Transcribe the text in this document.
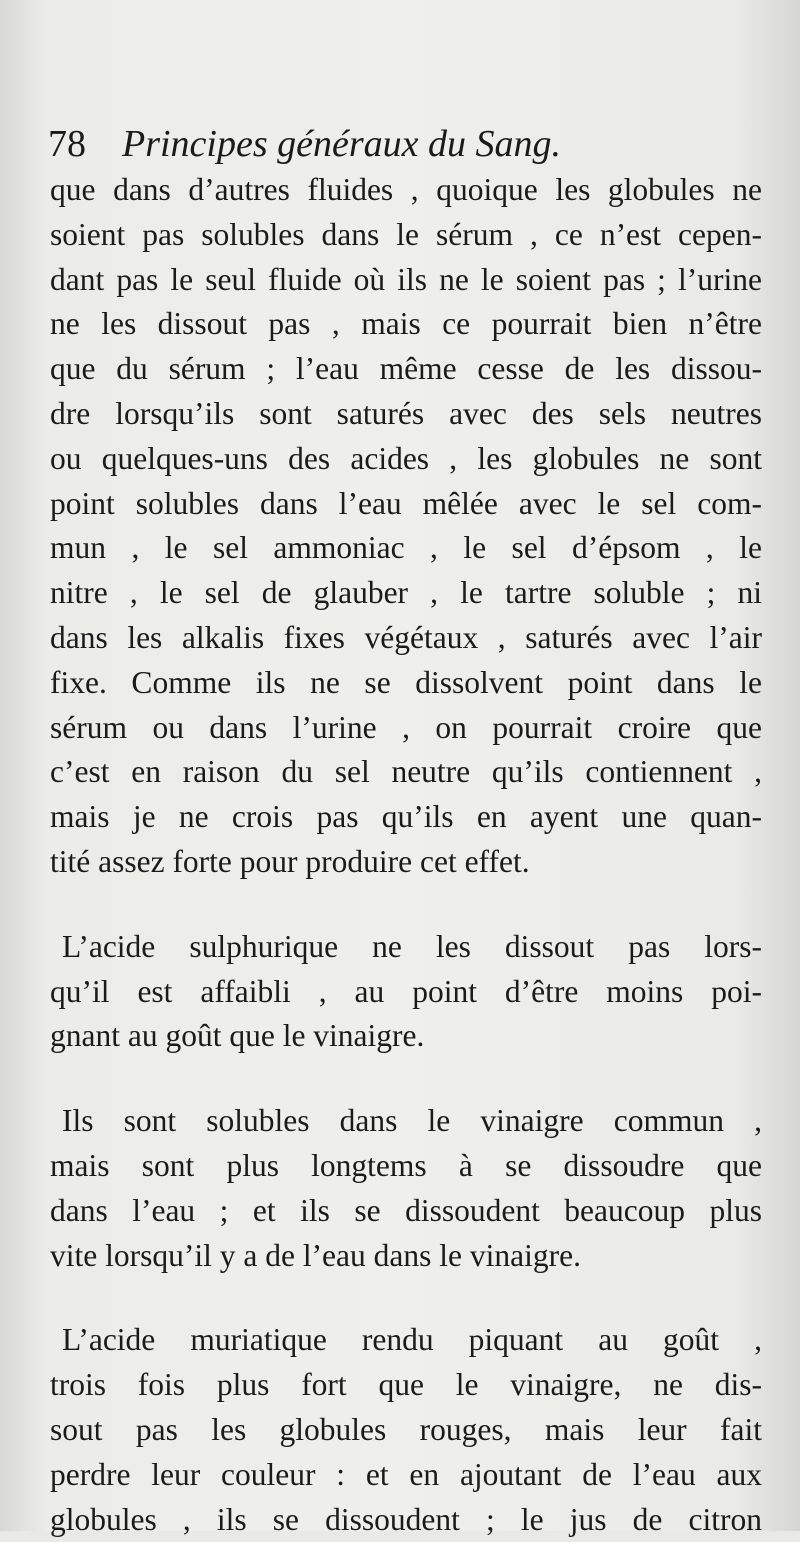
78 Principes généraux du Sang.
que dans d’autres fluides , quoique les globules ne
soient pas solubles dans le sérum , ce n’est cepen-
dant pas le seul fluide où ils ne le soient pas ; l’urine
ne les dissout pas , mais ce pourrait bien n’être
que du sérum ; l’eau même cesse de les dissou-
dre lorsqu’ils sont saturés avec des sels neutres
ou quelques-uns des acides , les globules ne sont
point solubles dans l’eau mêlée avec le sel com-
mun , le sel ammoniac , le sel d’épsom , le
nitre , le sel de glauber , le tartre soluble ; ni
dans les alkalis fixes végétaux , saturés avec l’air
fixe. Comme ils ne se dissolvent point dans le
sérum ou dans l’urine , on pourrait croire que
c’est en raison du sel neutre qu’ils contiennent ,
mais je ne crois pas qu’ils en ayent une quan-
tité assez forte pour produire cet effet.
L’acide sulphurique ne les dissout pas lors-
qu’il est affaibli , au point d’être moins poi-
gnant au goût que le vinaigre.
Ils sont solubles dans le vinaigre commun ,
mais sont plus longtems à se dissoudre que
dans l’eau ; et ils se dissoudent beaucoup plus
vite lorsqu’il y a de l’eau dans le vinaigre.
L’acide muriatique rendu piquant au goût ,
trois fois plus fort que le vinaigre, ne dis-
sout pas les globules rouges, mais leur fait
perdre leur couleur : et en ajoutant de l’eau aux
globules , ils se dissoudent ; le jus de citron
